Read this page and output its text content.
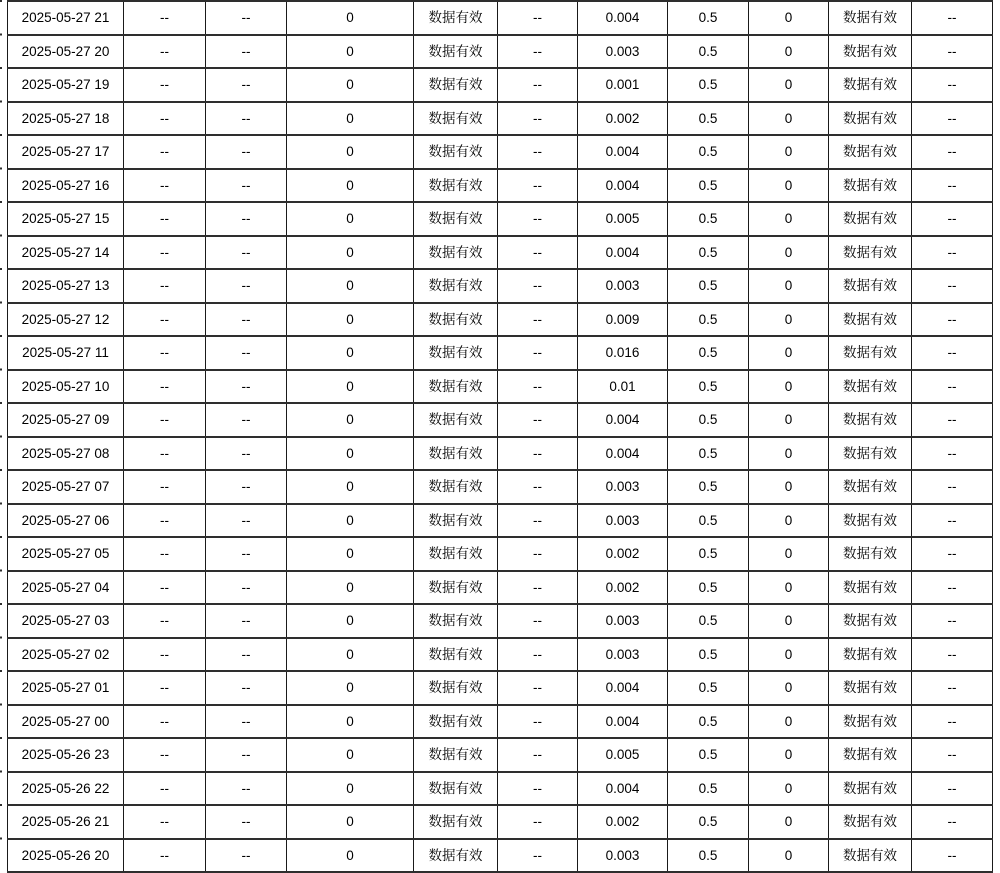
2025-05-27 21	--	--	0	数据有效	--	0.004	0.5	0	数据有效	--
2025-05-27 20	--	--	0	数据有效	--	0.003	0.5	0	数据有效	--
2025-05-27 19	--	--	0	数据有效	--	0.001	0.5	0	数据有效	--
2025-05-27 18	--	--	0	数据有效	--	0.002	0.5	0	数据有效	--
2025-05-27 17	--	--	0	数据有效	--	0.004	0.5	0	数据有效	--
2025-05-27 16	--	--	0	数据有效	--	0.004	0.5	0	数据有效	--
2025-05-27 15	--	--	0	数据有效	--	0.005	0.5	0	数据有效	--
2025-05-27 14	--	--	0	数据有效	--	0.004	0.5	0	数据有效	--
2025-05-27 13	--	--	0	数据有效	--	0.003	0.5	0	数据有效	--
2025-05-27 12	--	--	0	数据有效	--	0.009	0.5	0	数据有效	--
2025-05-27 11	--	--	0	数据有效	--	0.016	0.5	0	数据有效	--
2025-05-27 10	--	--	0	数据有效	--	0.01	0.5	0	数据有效	--
2025-05-27 09	--	--	0	数据有效	--	0.004	0.5	0	数据有效	--
2025-05-27 08	--	--	0	数据有效	--	0.004	0.5	0	数据有效	--
2025-05-27 07	--	--	0	数据有效	--	0.003	0.5	0	数据有效	--
2025-05-27 06	--	--	0	数据有效	--	0.003	0.5	0	数据有效	--
2025-05-27 05	--	--	0	数据有效	--	0.002	0.5	0	数据有效	--
2025-05-27 04	--	--	0	数据有效	--	0.002	0.5	0	数据有效	--
2025-05-27 03	--	--	0	数据有效	--	0.003	0.5	0	数据有效	--
2025-05-27 02	--	--	0	数据有效	--	0.003	0.5	0	数据有效	--
2025-05-27 01	--	--	0	数据有效	--	0.004	0.5	0	数据有效	--
2025-05-27 00	--	--	0	数据有效	--	0.004	0.5	0	数据有效	--
2025-05-26 23	--	--	0	数据有效	--	0.005	0.5	0	数据有效	--
2025-05-26 22	--	--	0	数据有效	--	0.004	0.5	0	数据有效	--
2025-05-26 21	--	--	0	数据有效	--	0.002	0.5	0	数据有效	--
2025-05-26 20	--	--	0	数据有效	--	0.003	0.5	0	数据有效	--
